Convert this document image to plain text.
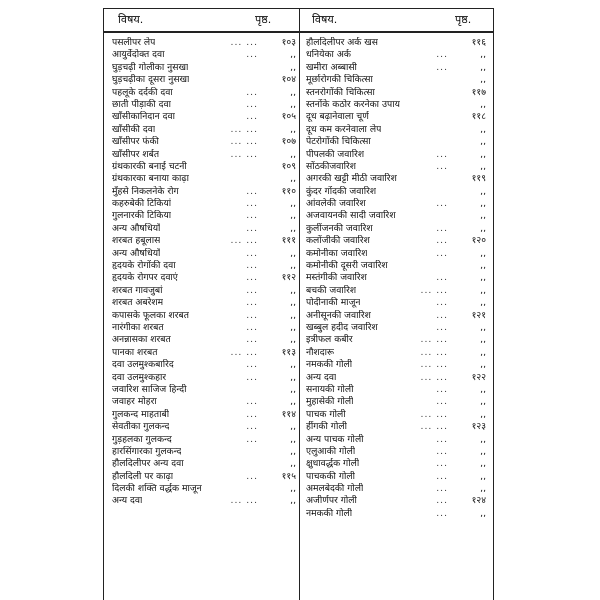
विषय.	पृष्ठ.	विषय.	पृष्ठ.
पसलीपर लेप	... ...	१०३
आयुर्वेदोक्त दवा	...	,,
घुड़चढ़ी गोलीका नुसखा	,,
घुड़चढ़ीका दूसरा नुसखा	१०४
पहलूके दर्दकी दवा	...	,,
छाती पीड़ाकी दवा	...	,,
खाँसीकानिदान दवा	...	१०५
खाँसीकी दवा	... ...	,,
खाँसीपर फंकी	... ...	१०७
खाँसीपर शर्बत	... ...	,,
ग्रंथकारकी बनाई चटनी	१०९
ग्रंथकारका बनाया काढ़ा	,,
मुँहसे निकलनेके रोग	...	११०
कहरुबेकी टिकियां	...	,,
गुलनारकी टिकिया	...	,,
अन्य औषधियाँ	...	,,
शरबत हबूलास	... ...	१११
अन्य औषधियाँ	...	,,
हृदयके रोगोंकी दवा	...	,,
हृदयके रोगपर दवाएं	...	११२
शरबत गावजुबां	...	,,
शरबत अबरेशम	...	,,
कपासके फूलका शरबत	...	,,
नारंगीका शरबत	...	,,
अनन्नासका शरबत	...	,,
पानका शरबत	... ...	११३
दवा उलमुश्कबारिद	...	,,
दवा उलमुश्कहार	...	,,
जवारिश साजिज हिन्दी	,,
जवाहर मोहरा	...	,,
गुलकन्द माहताबी	...	११४
सेवतीका गुलकन्द	...	,,
गुड़हलका गुलकन्द	...	,,
हारसिंगारका गुलकन्द	,,
हौलदिलीपर अन्य दवा	,,
हौलदिली पर काढ़ा	...	११५
दिलकी शक्ति वर्द्धक माजून	,,
अन्य दवा	... ...	,,
हौलदिलीपर अर्क खस	११६
धनियेका अर्क	...	,,
खमीरा अब्बासी	...	,,
मूर्छारोगकी चिकित्सा	,,
स्तनरोगोंकी चिकित्सा	११७
स्तनोंके कठोर करनेका उपाय	,,
दूध बढ़ानेवाला चूर्ण	११८
दूध कम करनेवाला लेप	,,
पेटरोगोंकी चिकित्सा	,,
पीपलकी जवारिश	...	,,
सोंठकीजवारिश	...	,,
अगरकी खट्टी मीठी जवारिश	११९
कुंदर गोंदकी जवारिश	,,
आंवलेकी जवारिश	...	,,
अजवायनकी सादी जवारिश	,,
कुलींजनकी जवारिश	...	,,
कलोंजीकी जवारिश	...	१२०
कमोनीका जवारिश	...	,,
कमोनीकी दूसरी जवारिश	,,
मस्तंगीकी जवारिश	...	,,
बचकी जवारिश	... ...	,,
पोदीनाकी माजून	...	,,
अनीसूनकी जवारिश	...	१२१
खब्बुल हदीद जवारिश	...	,,
इत्रीफल कबीर	... ...	,,
नौशदारू	... ...	,,
नमककी गोली	... ...	,,
अन्य दवा	... ...	१२२
सनायकी गोली	...	,,
मुहासेकी गोली	...	,,
पाचक गोली	... ...	,,
हींगकी गोली	... ...	१२३
अन्य पाचक गोली	...	,,
एलुआकी गोली	...	,,
क्षुधावर्द्धक गोली	...	,,
पाचककी गोली	...	,,
अमलबेदकी गोली	...	,,
अजीर्णपर गोली	...	१२४
नमककी गोली	...	,,
